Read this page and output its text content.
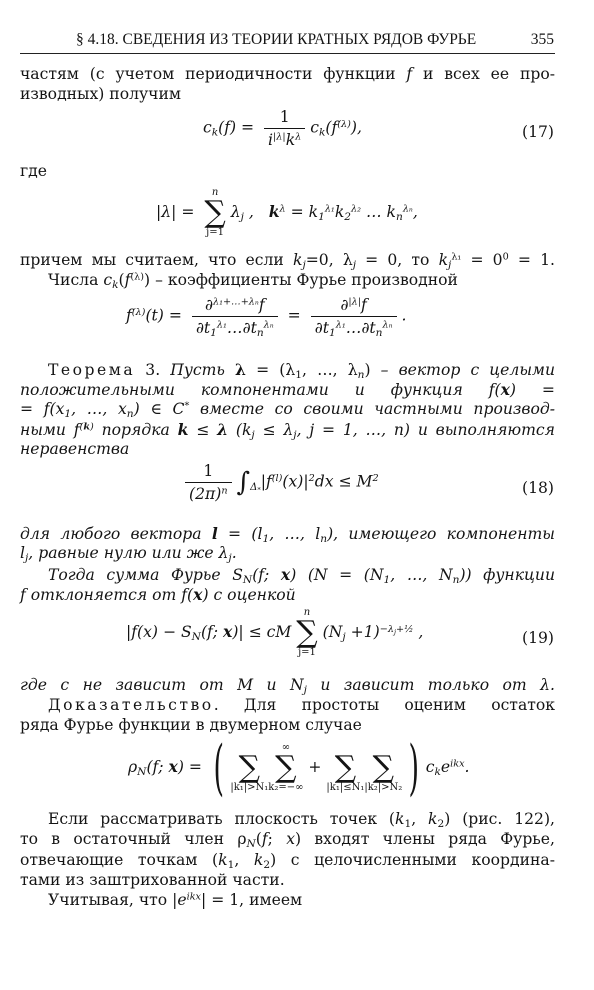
§ 4.18. СВЕДЕНИЯ ИЗ ТЕОРИИ КРАТНЫХ РЯДОВ ФУРЬЕ	355
частям (с учетом периодичности функции f и всех ее про-
изводных) получим
$c_k(f) = \frac{1}{i^{|\lambda|}k^\lambda} c_k(f^{(\lambda)})$,	(17)
где
|λ| =
n
∑
j=1
$\lambda_j$ ,   $k^\lambda = k_1^{\lambda_1}k_2^{\lambda_2}$ … $k_n^{\lambda_n}$,
причем мы считаем, что если $k_j=0$, $\lambda_j = 0$, то $k_j^{\lambda_1} = 0^0 = 1$.
Числа $c_k(f^{(\lambda)})$ – коэффициенты Фурье производной
$f^{(\lambda)}(t) = \frac{\partial^{\lambda_1+\dots+\lambda_n}f}{\partial t_1^{\lambda_1}\dots\partial t_n^{\lambda_n}} = \frac{\partial^{|\lambda|}f}{\partial t_1^{\lambda_1}\dots\partial t_n^{\lambda_n}}$ .
Теорема 3. Пусть $\lambda = (\lambda_1$, …, $\lambda_n$) – вектор с целыми
положительными компонентами и функция f(x) =
= $f(x_1$, …, $x_n$) ∈ C* вместе со своими частными производ-
ными $f^{(k)}$ порядка k ≤ λ ($k_j \le \lambda_j$, j = 1, …, n) и выполняются
неравенства
$\frac{1}{(2\pi)^n} \int_{\Delta_*}|f^{(l)}(x)|^2dx \le M^2$
(18)
для любого вектора $l = (l_1$, …, $l_n$), имеющего компоненты
$l_j$, равные нулю или же $\lambda_j$.
Тогда сумма Фурье $S_N(f$; x) ($N = (N_1$, …, $N_n$)) функции
f отклоняется от f(x) с оценкой
$|f(x) - S_N(f$; x)| ≤ cM
n
∑
j=1
$(N_j +1)^{-\lambda_j+\frac{1}{2}}$ ,	(19)
где c не зависит от M и $N_j$ и зависит только от λ.
Доказательство. Для простоты оценим остаток
ряда Фурье функции в двумерном случае
$\rho_N(f$; x) = ( ∑
|k₁|>N₁
∞
∑
k₂=−∞
+ ∑
|k₁|≤N₁
∑
|k₂|>N₂ ) $c_ke^{ikx}$.
Если рассматривать плоскость точек ($k_1$, $k_2$) (рис. 122),
то в остаточный член $\rho_N(f$; x) входят члены ряда Фурье,
отвечающие точкам ($k_1$, $k_2$) с целочисленными координа-
тами из заштрихованной части.
Учитывая, что $|e^{ikx}| = 1$, имеем
